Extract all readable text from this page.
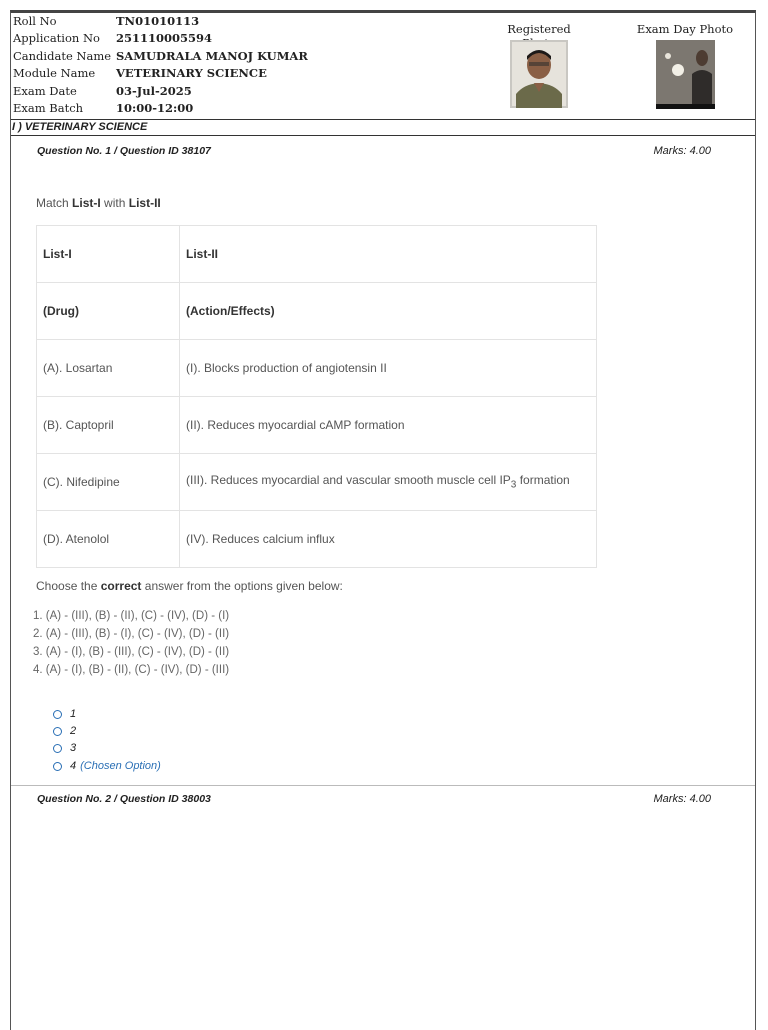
Roll No	TN01010113
Application No 251110005594
Candidate Name SAMUDRALA MANOJ KUMAR
Module Name VETERINARY SCIENCE
Exam Date	03-Jul-2025
Exam Batch	10:00-12:00
Registered	Exam Day Photo
I ) VETERINARY SCIENCE
Question No. 1 / Question ID 38107	Marks: 4.00
Match List-I with List-II
List-I	List-II
(Drug)	(Action/Effects)
(A). Losartan	(I). Blocks production of angiotensin II
(B). Captopril	(II). Reduces myocardial cAMP formation
(C). Nifedipine	(III). Reduces myocardial and vascular smooth muscle cell $IP_3$ formation
(D). Atenolol	(IV). Reduces calcium influx
Choose the correct answer from the options given below:
1. (A) - (III), (B) - (II), (C) - (IV), (D) - (I)
2. (A) - (III), (B) - (I), (C) - (IV), (D) - (II)
3. (A) - (I), (B) - (III), (C) - (IV), (D) - (II)
4. (A) - (I), (B) - (II), (C) - (IV), (D) - (III)
1
2
3
4 (Chosen Option)
Question No. 2 / Question ID 38003	Marks: 4.00
